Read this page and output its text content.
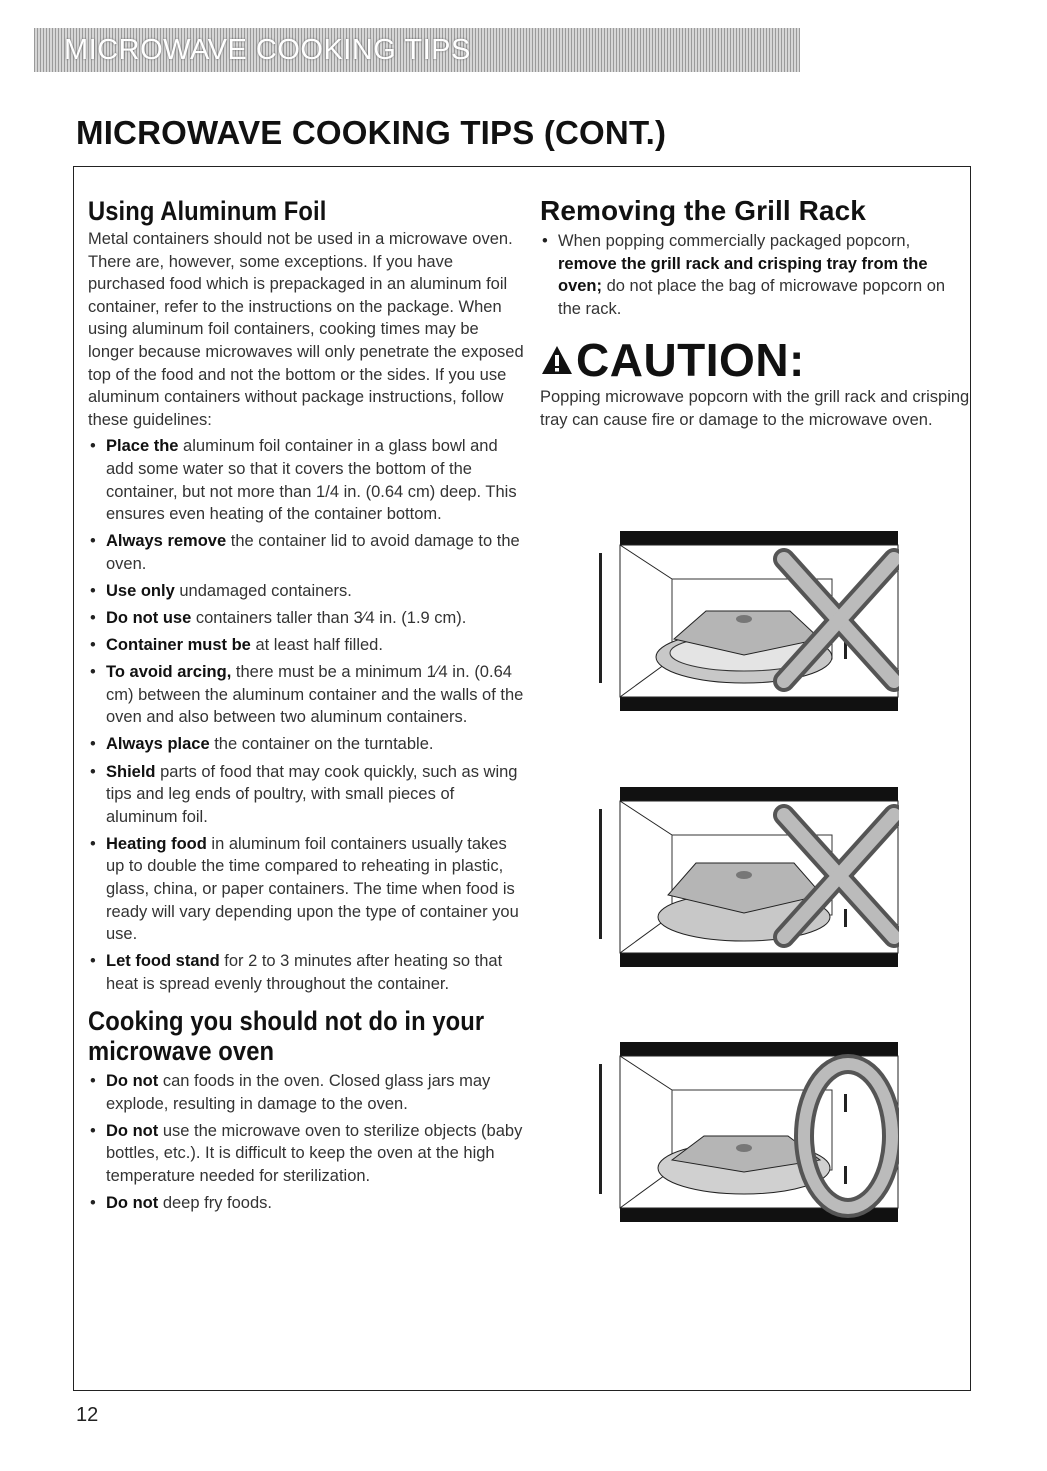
MICROWAVE COOKING TIPS
MICROWAVE COOKING TIPS (CONT.)
Using Aluminum Foil

Metal containers should not be used in a microwave oven. There are, however, some exceptions. If you have purchased food which is prepackaged in an aluminum foil container, refer to the instructions on the package. When using aluminum foil containers, cooking times may be longer because microwaves will only penetrate the exposed top of the food and not the bottom or the sides. If you use aluminum containers without package instructions, follow these guidelines:

• Place the aluminum foil container in a glass bowl and add some water so that it covers the bottom of the container, but not more than 1/4 in. (0.64 cm) deep. This ensures even heating of the container bottom.
• Always remove the container lid to avoid damage to the oven.
• Use only undamaged containers.
• Do not use containers taller than 3⁄4 in. (1.9 cm).
• Container must be at least half filled.
• To avoid arcing, there must be a minimum 1⁄4 in. (0.64 cm) between the aluminum container and the walls of the oven and also between two aluminum containers.
• Always place the container on the turntable.
• Shield parts of food that may cook quickly, such as wing tips and leg ends of poultry, with small pieces of aluminum foil.
• Heating food in aluminum foil containers usually takes up to double the time compared to reheating in plastic, glass, china, or paper containers. The time when food is ready will vary depending upon the type of container you use.
• Let food stand for 2 to 3 minutes after heating so that heat is spread evenly throughout the container.
Cooking you should not do in your microwave oven
• Do not can foods in the oven. Closed glass jars may explode, resulting in damage to the oven.
• Do not use the microwave oven to sterilize objects (baby bottles, etc.). It is difficult to keep the oven at the high temperature needed for sterilization.
• Do not deep fry foods.
Removing the Grill Rack
• When popping commercially packaged popcorn, remove the grill rack and crisping tray from the oven; do not place the bag of microwave popcorn on the rack.
CAUTION:

Popping microwave popcorn with the grill rack and crisping tray can cause fire or damage to the microwave oven.

12
